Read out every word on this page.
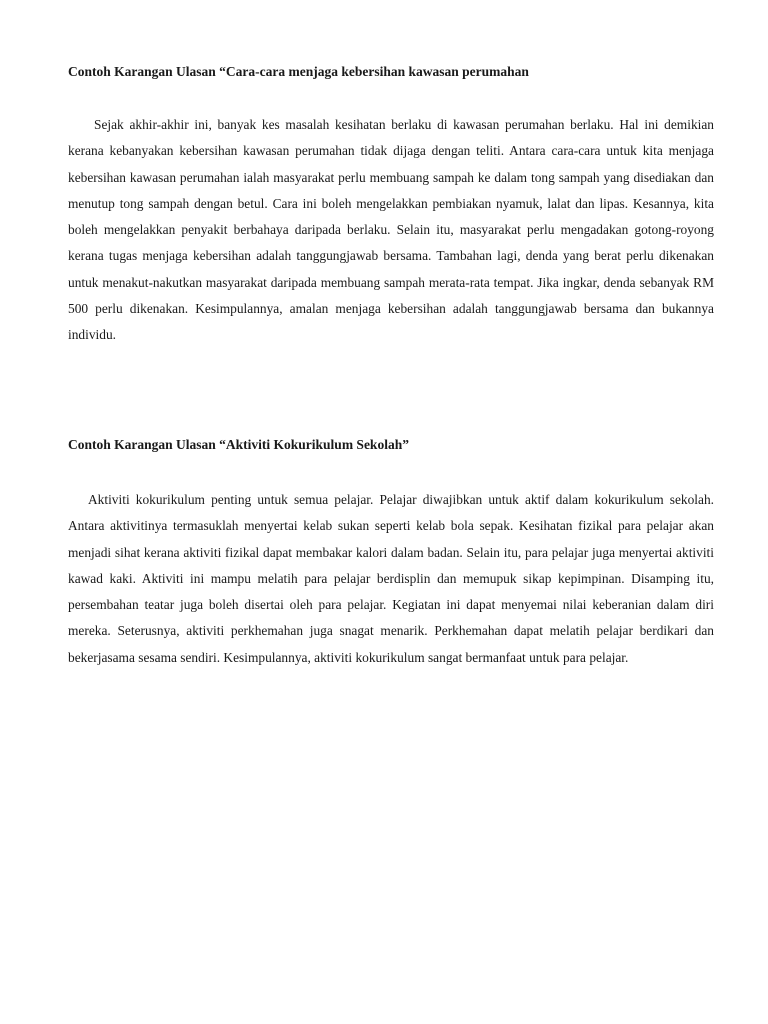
Contoh Karangan Ulasan “Cara-cara menjaga kebersihan kawasan perumahan

Sejak akhir-akhir ini, banyak kes masalah kesihatan berlaku di kawasan perumahan berlaku. Hal ini demikian kerana kebanyakan kebersihan kawasan perumahan tidak dijaga dengan teliti. Antara cara-cara untuk kita menjaga kebersihan kawasan perumahan ialah masyarakat perlu membuang sampah ke dalam tong sampah yang disediakan dan menutup tong sampah dengan betul. Cara ini boleh mengelakkan pembiakan nyamuk, lalat dan lipas. Kesannya, kita boleh mengelakkan penyakit berbahaya daripada berlaku. Selain itu, masyarakat perlu mengadakan gotong-royong kerana tugas menjaga kebersihan adalah tanggungjawab bersama. Tambahan lagi, denda yang berat perlu dikenakan untuk menakut-nakutkan masyarakat daripada membuang sampah merata-rata tempat. Jika ingkar, denda sebanyak RM 500 perlu dikenakan. Kesimpulannya, amalan menjaga kebersihan adalah tanggungjawab bersama dan bukannya individu.

Contoh Karangan Ulasan “Aktiviti Kokurikulum Sekolah”

Aktiviti kokurikulum penting untuk semua pelajar. Pelajar diwajibkan untuk aktif dalam kokurikulum sekolah. Antara aktivitinya termasuklah menyertai kelab sukan seperti kelab bola sepak. Kesihatan fizikal para pelajar akan menjadi sihat kerana aktiviti fizikal dapat membakar kalori dalam badan. Selain itu, para pelajar juga menyertai aktiviti kawad kaki. Aktiviti ini mampu melatih para pelajar berdisplin dan memupuk sikap kepimpinan. Disamping itu, persembahan teatar juga boleh disertai oleh para pelajar. Kegiatan ini dapat menyemai nilai keberanian dalam diri mereka. Seterusnya, aktiviti perkhemahan juga snagat menarik. Perkhemahan dapat melatih pelajar berdikari dan bekerjasama sesama sendiri. Kesimpulannya, aktiviti kokurikulum sangat bermanfaat untuk para pelajar.
